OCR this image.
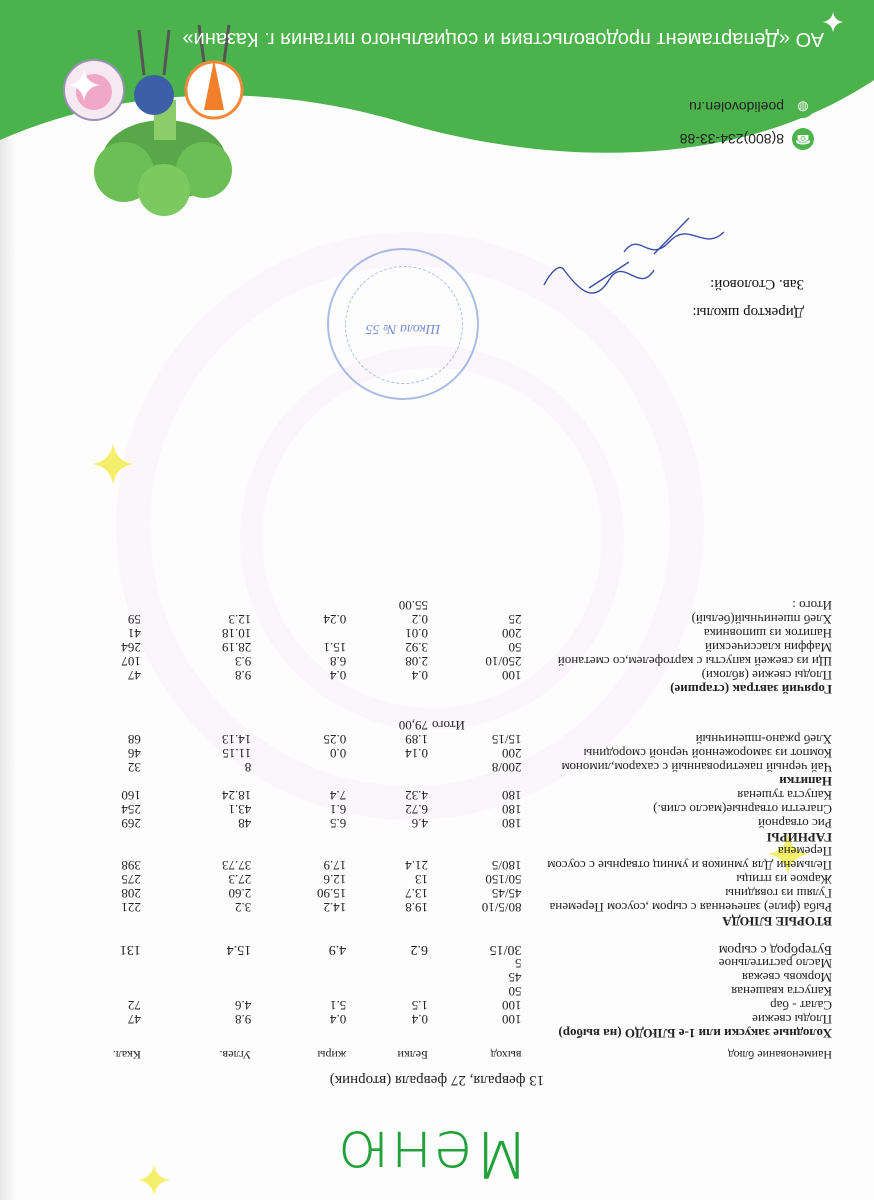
Меню
13 февраля, 27 февраля (вторник)
Наименование блюд	выход	Белки	жиры	Углев.	Ккал.
Холодные закуски или 1-е БЛЮДО (на выбор)					
Плоды свежие	100	0.4	0.4	9.8	47
Салат - бар	100	1.5	5.1	4.6	72
Капуста квашеная	50				
Морковь свежая	45				
Масло растительное	5				
Бутерброд с сыром	30/15	6.2	4.9	15.4	131

ВТОРЫЕ БЛЮДА					
Рыба (филе) запеченная с сыром ,соусом Перемена	80/5/10	19.8	14.2	3.2	221
Гуляш из говядины	45/45	13.7	15.90	2.60	208
Жаркое из птицы	50/150	13	12.6	27.3	275
Пельмени Для умников и умниц отварные с соусом	180/5	21.4	17.9	37.73	398
Перемена					
ГАРНИРЫ					
Рис отварной	180	4.6	6.5	48	269
Спагетти отварные(масло слив.)	180	6.72	6.1	43.1	254
Капуста тушеная	180	4.32	7.4	18.24	160
Напитки					
Чай черный пакетированный с сахаром,лимоном	200/8			8	32
Компот из замороженной черной смородины	200	0.14	0.0	11.15	46
Хлеб ржано-пшеничный	15/15	1.89	0.25	14.13	68
	Итого	79,00			

Горячий завтрак (старшие)					
Плоды свежие (яблоки)	100	0.4	0.4	9.8	47
Щи из свежей капусты с картофелем,со сметаной	250/10	2.08	6.8	9.3	107
Маффин классический	50	3.92	15.1	28.19	264
Напиток из шиповника	200	0.01		10.18	41
Хлеб пшеничный(белый)	25	0.2	0.24	12.3	59
Итого :		55.00			
Директор школы:
Зав. Столовой:
Школа № 55
☎
8(800)234-33-88
◍
poelidovolen.ru
АО «Департамент продовольствия и социального питания г. Казани»
